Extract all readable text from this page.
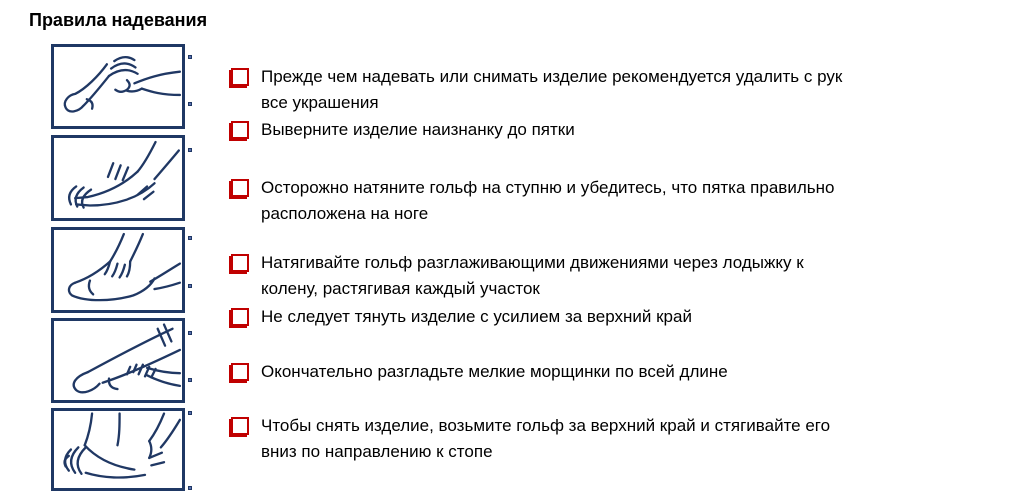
Правила надевания
Прежде чем надевать или снимать изделие рекомендуется удалить с рук
все украшения
Выверните изделие наизнанку до пятки
Осторожно натяните гольф на ступню и убедитесь, что пятка правильно
расположена на ноге
Натягивайте гольф разглаживающими движениями через лодыжку к
колену, растягивая каждый участок
Не следует тянуть изделие с усилием за верхний край
Окончательно разгладьте мелкие морщинки по всей длине
Чтобы снять изделие, возьмите гольф за верхний край и стягивайте его
вниз по направлению к стопе
